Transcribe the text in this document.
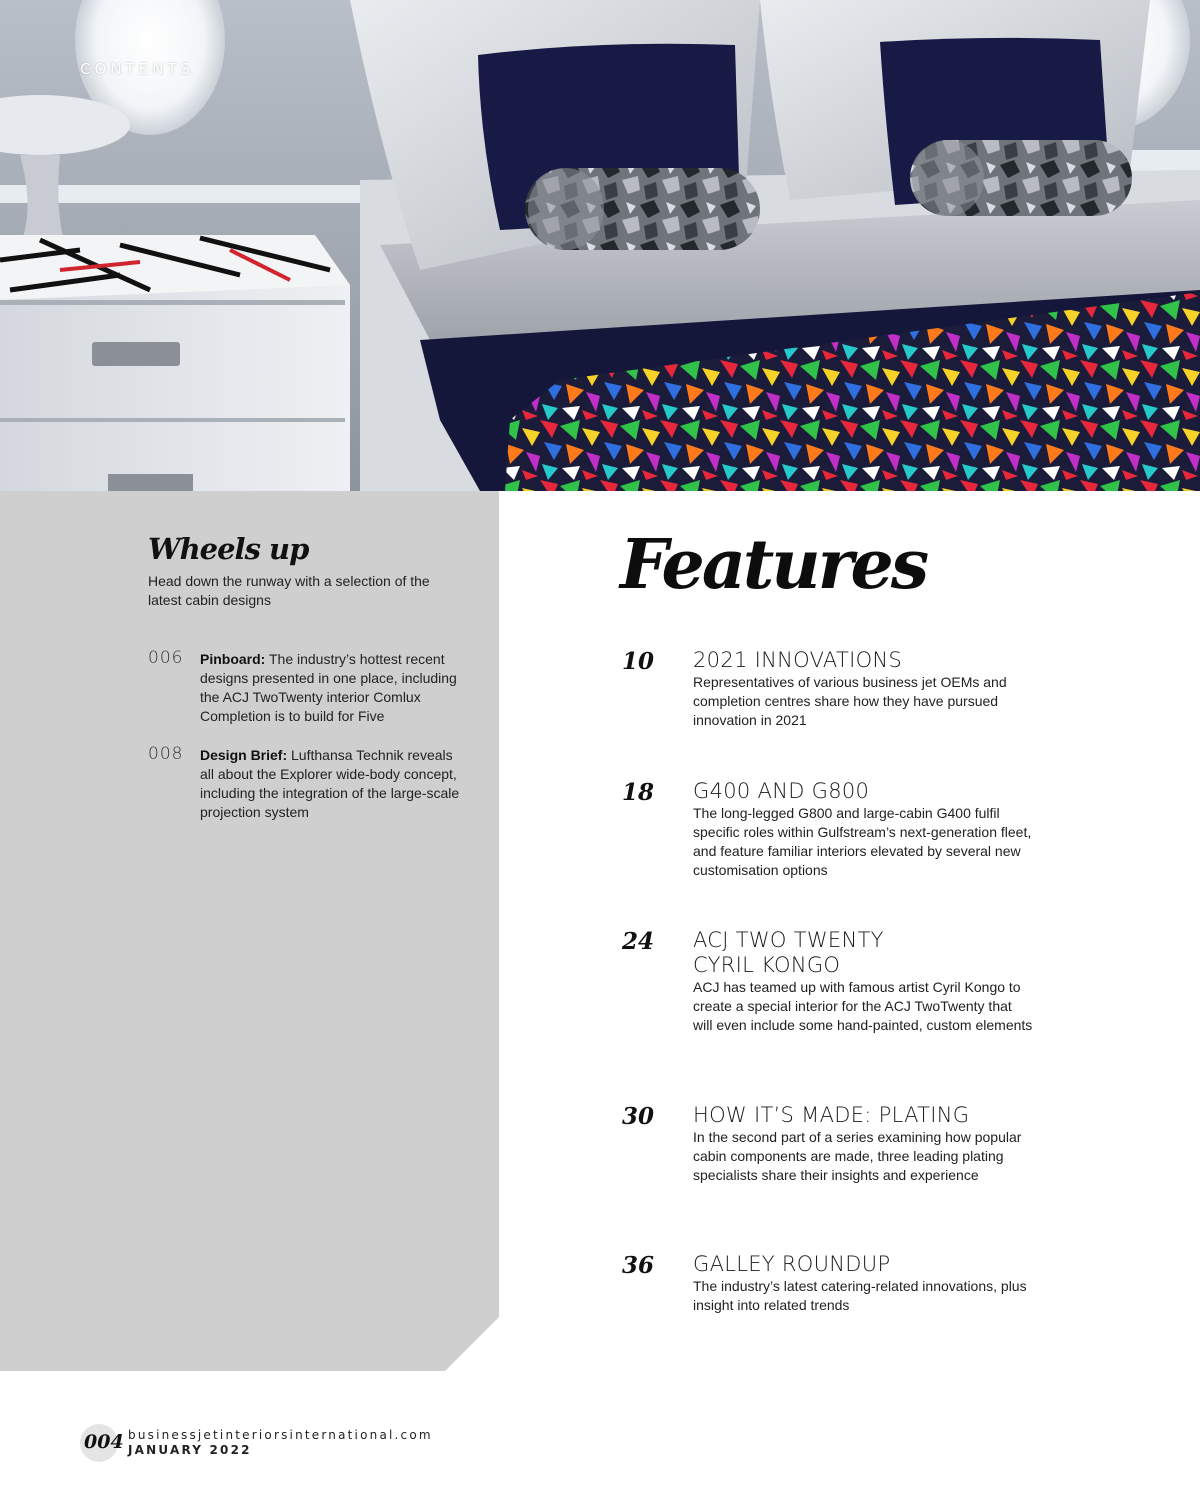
CONTENTS
Wheels up
Head down the runway with a selection of the latest cabin designs
006 Pinboard: The industry’s hottest recent designs presented in one place, including the ACJ TwoTwenty interior Comlux Completion is to build for Five
008 Design Brief: Lufthansa Technik reveals all about the Explorer wide-body concept, including the integration of the large-scale projection system
Features
10 2021 INNOVATIONS
Representatives of various business jet OEMs and completion centres share how they have pursued innovation in 2021
18 G400 AND G800
The long-legged G800 and large-cabin G400 fulfil specific roles within Gulfstream’s next-generation fleet, and feature familiar interiors elevated by several new customisation options
24 ACJ TWO TWENTY CYRIL KONGO
ACJ has teamed up with famous artist Cyril Kongo to create a special interior for the ACJ TwoTwenty that will even include some hand-painted, custom elements
30 HOW IT’S MADE: PLATING
In the second part of a series examining how popular cabin components are made, three leading plating specialists share their insights and experience
36 GALLEY ROUNDUP
The industry’s latest catering-related innovations, plus insight into related trends
004 businessjetinteriorsinternational.com
JANUARY 2022
